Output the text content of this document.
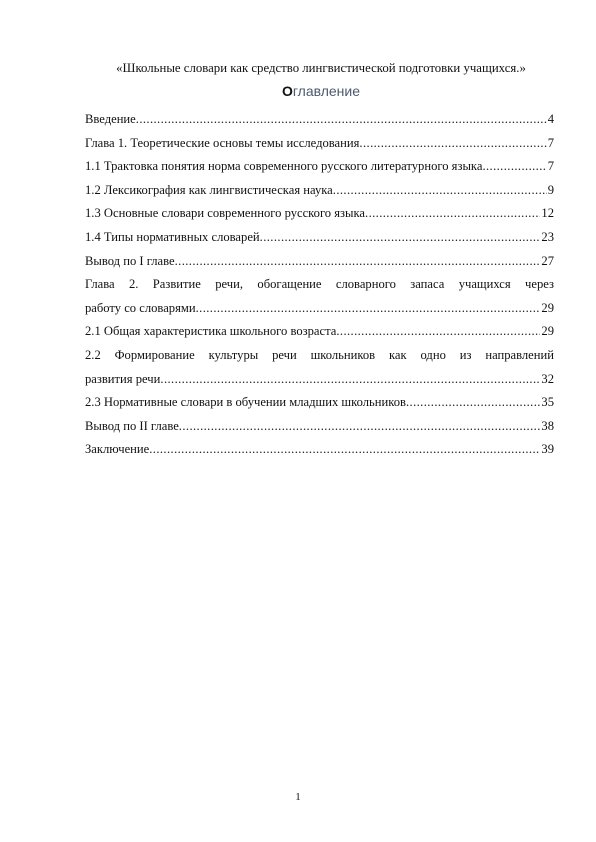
«Школьные словари как средство лингвистической подготовки учащихся.»
Оглавление
Введение .....	4
Глава 1. Теоретические основы темы исследования .....	7
1.1 Трактовка понятия норма современного русского литературного языка .....	7
1.2 Лексикография как лингвистическая наука .....	9
1.3 Основные словари современного русского языка .....	12
1.4 Типы нормативных словарей .....	23
Вывод по I главе .....	27
Глава 2. Развитие речи, обогащение словарного запаса учащихся через
работу со словарями .....	29
2.1 Общая характеристика школьного возраста .....	29
2.2 Формирование культуры речи школьников как одно из направлений
развития речи .....	32
2.3 Нормативные словари в обучении младших школьников .....	35
Вывод по II главе .....	38
Заключение .....	39
1
